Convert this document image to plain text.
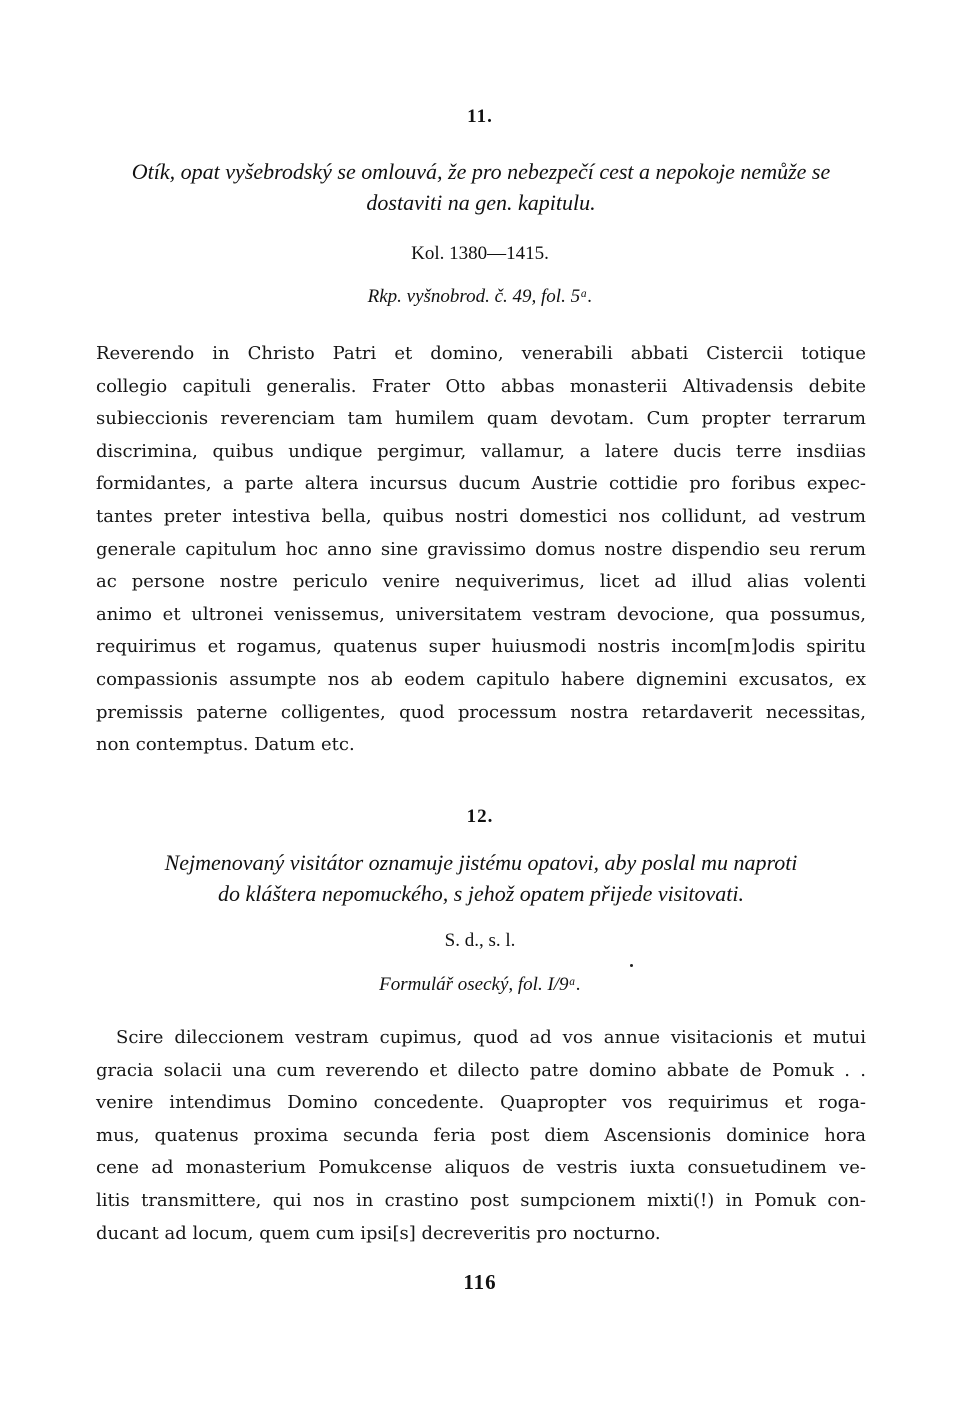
11.
Otík, opat vyšebrodský se omlouvá, že pro nebezpečí cest a nepokoje nemůže se
dostaviti na gen. kapitulu.
Kol. 1380—1415.
Rkp. vyšnobrod. č. 49, fol. 5ᵃ.
Reverendo in Christo Patri et domino, venerabili abbati Cistercii totique
collegio capituli generalis. Frater Otto abbas monasterii Altivadensis debite
subieccionis reverenciam tam humilem quam devotam. Cum propter terrarum
discrimina, quibus undique pergimur, vallamur, a latere ducis terre insdiias
formidantes, a parte altera incursus ducum Austrie cottidie pro foribus expec-
tantes preter intestiva bella, quibus nostri domestici nos collidunt, ad vestrum
generale capitulum hoc anno sine gravissimo domus nostre dispendio seu rerum
ac persone nostre periculo venire nequiverimus, licet ad illud alias volenti
animo et ultronei venissemus, universitatem vestram devocione, qua possumus,
requirimus et rogamus, quatenus super huiusmodi nostris incom[m]odis spiritu
compassionis assumpte nos ab eodem capitulo habere dignemini excusatos, ex
premissis paterne colligentes, quod processum nostra retardaverit necessitas,
non contemptus. Datum etc.
12.
Nejmenovaný visitátor oznamuje jistému opatovi, aby poslal mu naproti
do kláštera nepomuckého, s jehož opatem přijede visitovati.
S. d., s. l.
Formulář osecký, fol. I/9ᵃ.
Scire dileccionem vestram cupimus, quod ad vos annue visitacionis et mutui
gracia solacii una cum reverendo et dilecto patre domino abbate de Pomuk . .
venire intendimus Domino concedente. Quapropter vos requirimus et roga-
mus, quatenus proxima secunda feria post diem Ascensionis dominice hora
cene ad monasterium Pomukcense aliquos de vestris iuxta consuetudinem ve-
litis transmittere, qui nos in crastino post sumpcionem mixti(!) in Pomuk con-
ducant ad locum, quem cum ipsi[s] decreveritis pro nocturno.
116
